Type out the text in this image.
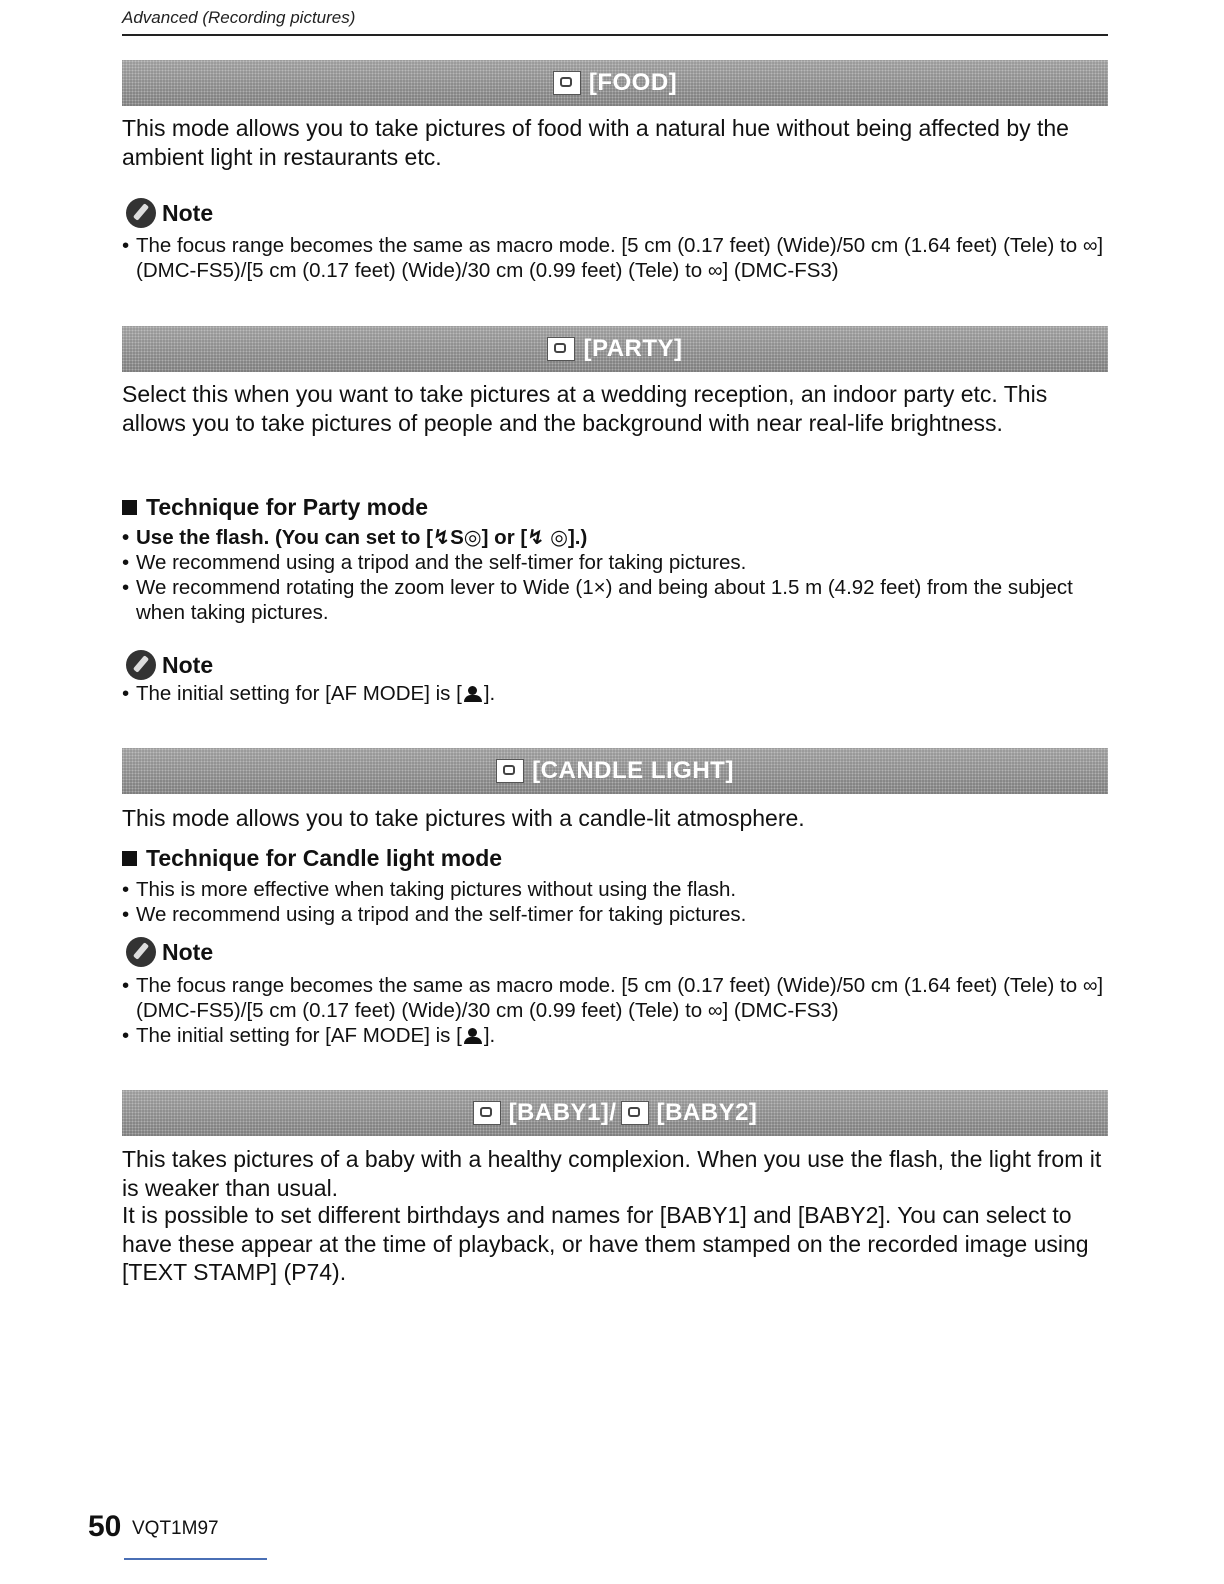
Advanced (Recording pictures)
[FOOD]
This mode allows you to take pictures of food with a natural hue without being affected by the ambient light in restaurants etc.
Note
• The focus range becomes the same as macro mode. [5 cm (0.17 feet) (Wide)/50 cm (1.64 feet) (Tele) to ∞] (DMC-FS5)/[5 cm (0.17 feet) (Wide)/30 cm (0.99 feet) (Tele) to ∞] (DMC-FS3)
[PARTY]
Select this when you want to take pictures at a wedding reception, an indoor party etc. This allows you to take pictures of people and the background with near real-life brightness.
Technique for Party mode
• Use the flash. (You can set to [↯S◎] or [↯ ◎].)
• We recommend using a tripod and the self-timer for taking pictures.
• We recommend rotating the zoom lever to Wide (1×) and being about 1.5 m (4.92 feet) from the subject when taking pictures.
Note
• The initial setting for [AF MODE] is [ ].
[CANDLE LIGHT]
This mode allows you to take pictures with a candle-lit atmosphere.
Technique for Candle light mode
• This is more effective when taking pictures without using the flash.
• We recommend using a tripod and the self-timer for taking pictures.
Note
• The focus range becomes the same as macro mode. [5 cm (0.17 feet) (Wide)/50 cm (1.64 feet) (Tele) to ∞] (DMC-FS5)/[5 cm (0.17 feet) (Wide)/30 cm (0.99 feet) (Tele) to ∞] (DMC-FS3)
• The initial setting for [AF MODE] is [ ].
[BABY1]/ [BABY2]
This takes pictures of a baby with a healthy complexion. When you use the flash, the light from it is weaker than usual.
It is possible to set different birthdays and names for [BABY1] and [BABY2]. You can select to have these appear at the time of playback, or have them stamped on the recorded image using [TEXT STAMP] (P74).
50 VQT1M97
